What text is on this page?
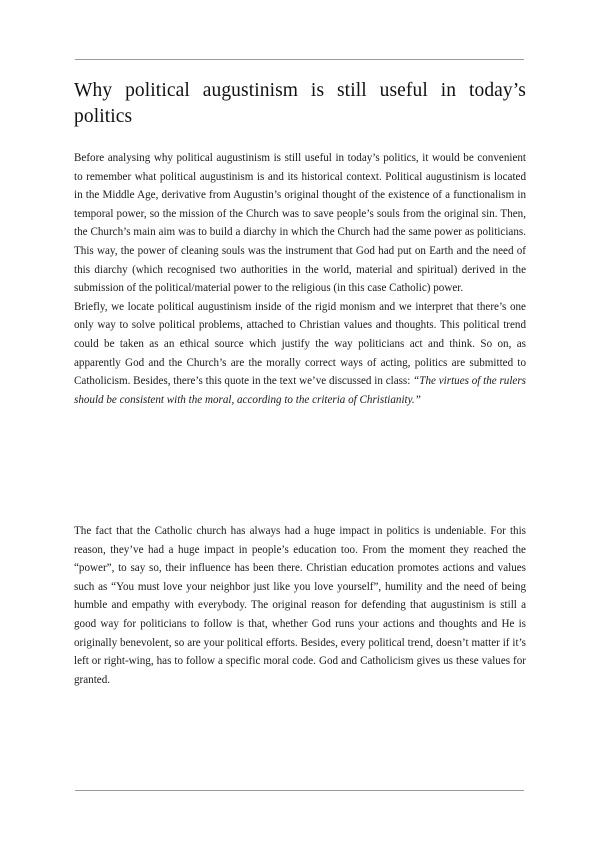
Why political augustinism is still useful in today’s politics

Before analysing why political augustinism is still useful in today’s politics, it would be convenient to remember what political augustinism is and its historical context. Political augustinism is located in the Middle Age, derivative from Augustin’s original thought of the existence of a functionalism in temporal power, so the mission of the Church was to save people’s souls from the original sin. Then, the Church’s main aim was to build a diarchy in which the Church had the same power as politicians. This way, the power of cleaning souls was the instrument that God had put on Earth and the need of this diarchy (which recognised two authorities in the world, material and spiritual) derived in the submission of the political/material power to the religious (in this case Catholic) power.

Briefly, we locate political augustinism inside of the rigid monism and we interpret that there’s one only way to solve political problems, attached to Christian values and thoughts. This political trend could be taken as an ethical source which justify the way politicians act and think. So on, as apparently God and the Church’s are the morally correct ways of acting, politics are submitted to Catholicism. Besides, there’s this quote in the text we’ve discussed in class: “The virtues of the rulers should be consistent with the moral, according to the criteria of Christianity.”

The fact that the Catholic church has always had a huge impact in politics is undeniable. For this reason, they’ve had a huge impact in people’s education too. From the moment they reached the “power”, to say so, their influence has been there. Christian education promotes actions and values such as “You must love your neighbor just like you love yourself”, humility and the need of being humble and empathy with everybody. The original reason for defending that augustinism is still a good way for politicians to follow is that, whether God runs your actions and thoughts and He is originally benevolent, so are your political efforts. Besides, every political trend, doesn’t matter if it’s left or right-wing, has to follow a specific moral code. God and Catholicism gives us these values for granted.
